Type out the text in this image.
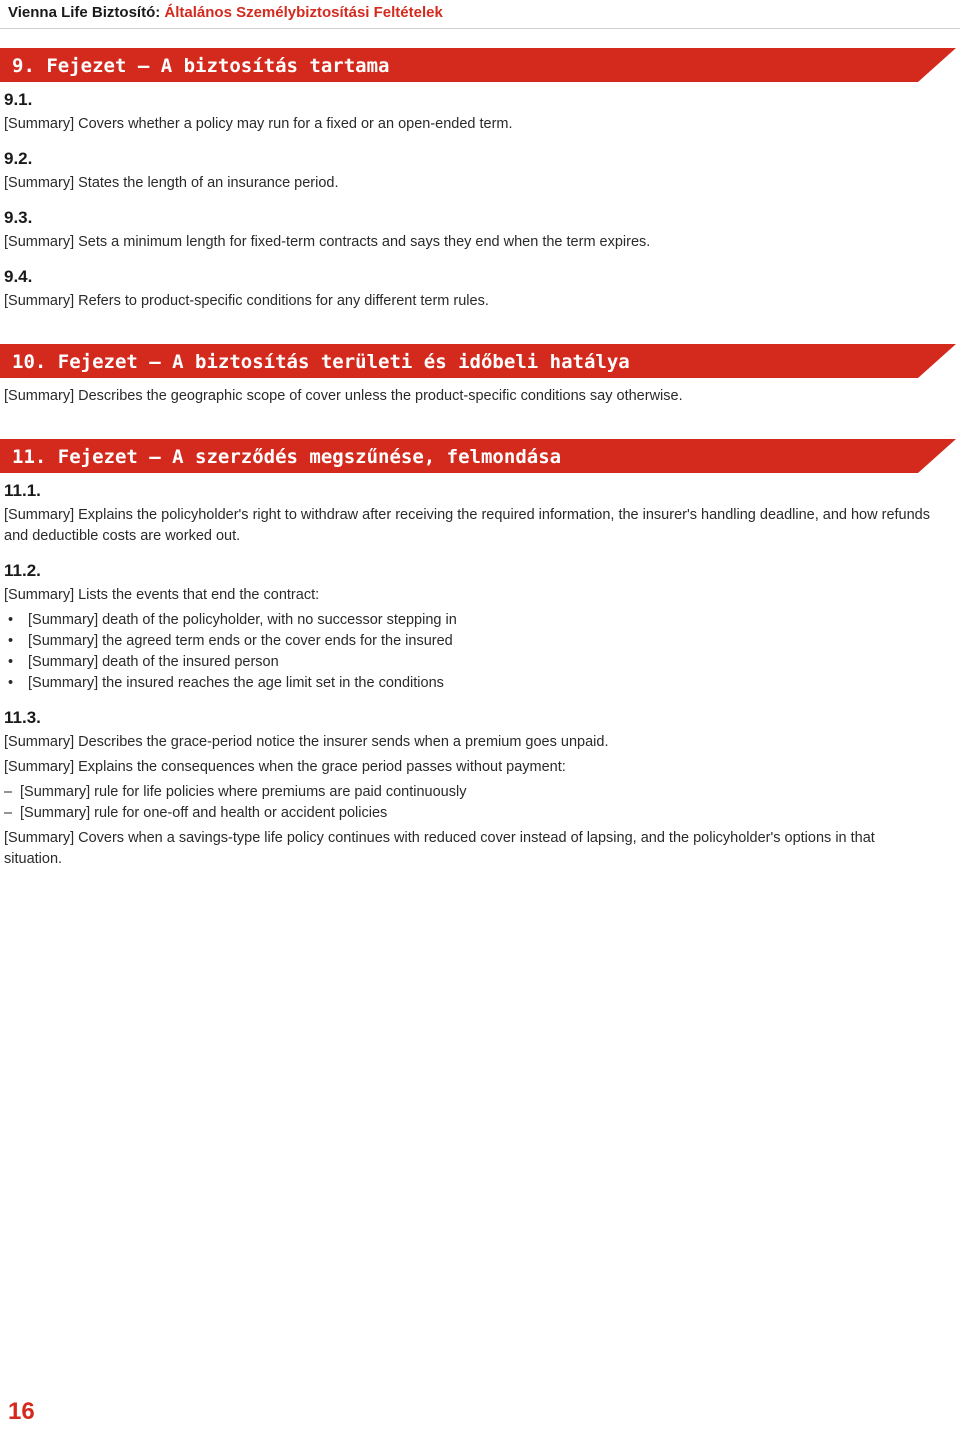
Vienna Life Biztosító: Általános Személybiztosítási Feltételek
9. Fejezet – A biztosítás tartama
9.1.

[Summary] Covers whether a policy may run for a fixed or an open-ended term.

9.2.

[Summary] States the length of an insurance period.

9.3.

[Summary] Sets a minimum length for fixed-term contracts and says they end when the term expires.

9.4.

[Summary] Refers to product-specific conditions for any different term rules.

10. Fejezet – A biztosítás területi és időbeli hatálya

[Summary] Describes the geographic scope of cover unless the product-specific conditions say otherwise.

11. Fejezet – A szerződés megszűnése, felmondása
11.1.

[Summary] Explains the policyholder's right to withdraw after receiving the required information, the insurer's handling deadline, and how refunds and deductible costs are worked out.

11.2.

[Summary] Lists the events that end the contract:

• [Summary] death of the policyholder, with no successor stepping in
• [Summary] the agreed term ends or the cover ends for the insured
• [Summary] death of the insured person
• [Summary] the insured reaches the age limit set in the conditions
11.3.

[Summary] Describes the grace-period notice the insurer sends when a premium goes unpaid.

[Summary] Explains the consequences when the grace period passes without payment:

– [Summary] rule for life policies where premiums are paid continuously
– [Summary] rule for one-off and health or accident policies

[Summary] Covers when a savings-type life policy continues with reduced cover instead of lapsing, and the policyholder's options in that situation.

16
